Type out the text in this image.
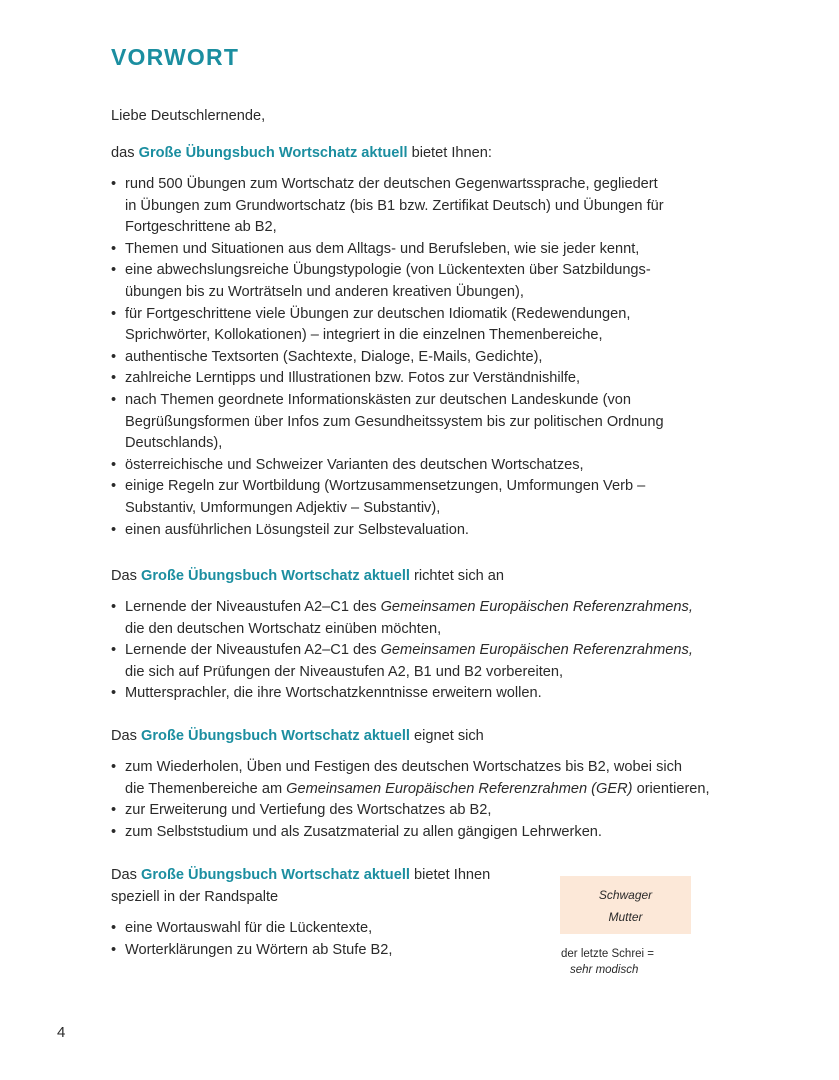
VORWORT

Liebe Deutschlernende,

das Große Übungsbuch Wortschatz aktuell bietet Ihnen:

• rund 500 Übungen zum Wortschatz der deutschen Gegenwartssprache, gegliedert
in Übungen zum Grundwortschatz (bis B1 bzw. Zertifikat Deutsch) und Übungen für
Fortgeschrittene ab B2,
• Themen und Situationen aus dem Alltags- und Berufsleben, wie sie jeder kennt,
• eine abwechslungsreiche Übungstypologie (von Lückentexten über Satzbildungs-
übungen bis zu Worträtseln und anderen kreativen Übungen),
• für Fortgeschrittene viele Übungen zur deutschen Idiomatik (Redewendungen,
Sprichwörter, Kollokationen) – integriert in die einzelnen Themenbereiche,
• authentische Textsorten (Sachtexte, Dialoge, E-Mails, Gedichte),
• zahlreiche Lerntipps und Illustrationen bzw. Fotos zur Verständnishilfe,
• nach Themen geordnete Informationskästen zur deutschen Landeskunde (von
Begrüßungsformen über Infos zum Gesundheitssystem bis zur politischen Ordnung
Deutschlands),
• österreichische und Schweizer Varianten des deutschen Wortschatzes,
• einige Regeln zur Wortbildung (Wortzusammensetzungen, Umformungen Verb –
Substantiv, Umformungen Adjektiv – Substantiv),
• einen ausführlichen Lösungsteil zur Selbstevaluation.

Das Große Übungsbuch Wortschatz aktuell richtet sich an

• Lernende der Niveaustufen A2–C1 des Gemeinsamen Europäischen Referenzrahmens,
die den deutschen Wortschatz einüben möchten,
• Lernende der Niveaustufen A2–C1 des Gemeinsamen Europäischen Referenzrahmens,
die sich auf Prüfungen der Niveaustufen A2, B1 und B2 vorbereiten,
• Muttersprachler, die ihre Wortschatzkenntnisse erweitern wollen.

Das Große Übungsbuch Wortschatz aktuell eignet sich

• zum Wiederholen, Üben und Festigen des deutschen Wortschatzes bis B2, wobei sich
die Themenbereiche am Gemeinsamen Europäischen Referenzrahmen (GER) orientieren,
• zur Erweiterung und Vertiefung des Wortschatzes ab B2,
• zum Selbststudium und als Zusatzmaterial zu allen gängigen Lehrwerken.

Das Große Übungsbuch Wortschatz aktuell bietet Ihnen

speziell in der Randspalte

• eine Wortauswahl für die Lückentexte,
• Worterklärungen zu Wörtern ab Stufe B2,
Schwager
Mutter
der letzte Schrei =
sehr modisch
4
